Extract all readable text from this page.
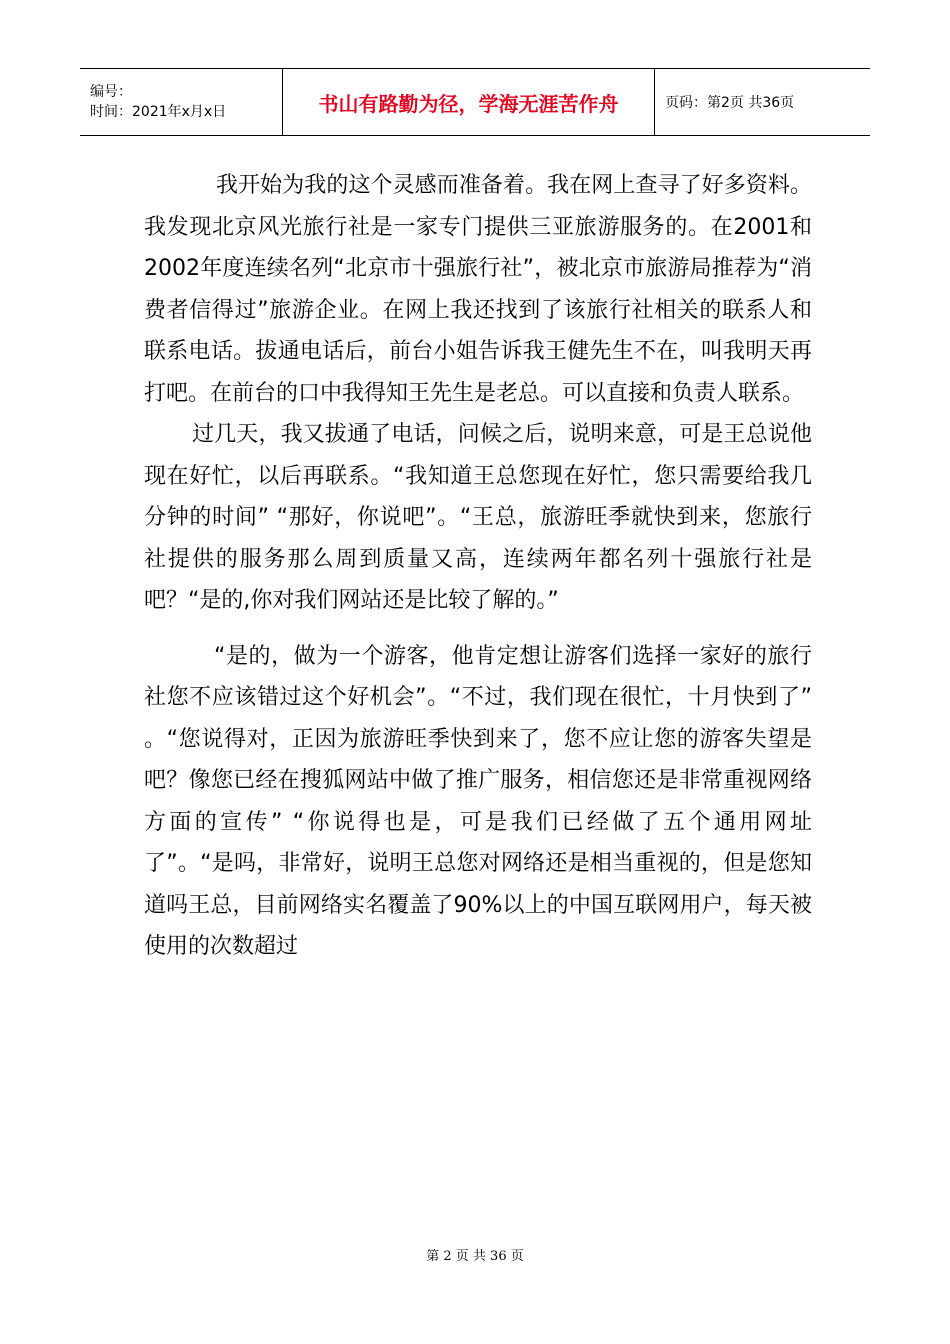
编号：
时间：2021年x月x日	书山有路勤为径，学海无涯苦作舟	页码：第2页 共36页

我开始为我的这个灵感而准备着。我在网上查寻了好多资料。我发现北京风光旅行社是一家专门提供三亚旅游服务的。在2001和2002年度连续名列“北京市十强旅行社”，被北京市旅游局推荐为“消费者信得过”旅游企业。在网上我还找到了该旅行社相关的联系人和联系电话。拔通电话后，前台小姐告诉我王健先生不在，叫我明天再打吧。在前台的口中我得知王先生是老总。可以直接和负责人联系。

过几天，我又拔通了电话，问候之后，说明来意，可是王总说他现在好忙，以后再联系。“我知道王总您现在好忙，您只需要给我几分钟的时间” “那好，你说吧”。“王总，旅游旺季就快到来，您旅行社提供的服务那么周到质量又高，连续两年都名列十强旅行社是吧？“是的,你对我们网站还是比较了解的。”

“是的，做为一个游客，他肯定想让游客们选择一家好的旅行社您不应该错过这个好机会”。“不过，我们现在很忙，十月快到了” 。“您说得对，正因为旅游旺季快到来了，您不应让您的游客失望是吧？像您已经在搜狐网站中做了推广服务，相信您还是非常重视网络方面的宣传” “你说得也是，可是我们已经做了五个通用网址了”。“是吗，非常好，说明王总您对网络还是相当重视的，但是您知道吗王总，目前网络实名覆盖了90%以上的中国互联网用户，每天被使用的次数超过

第 2 页 共 36 页
